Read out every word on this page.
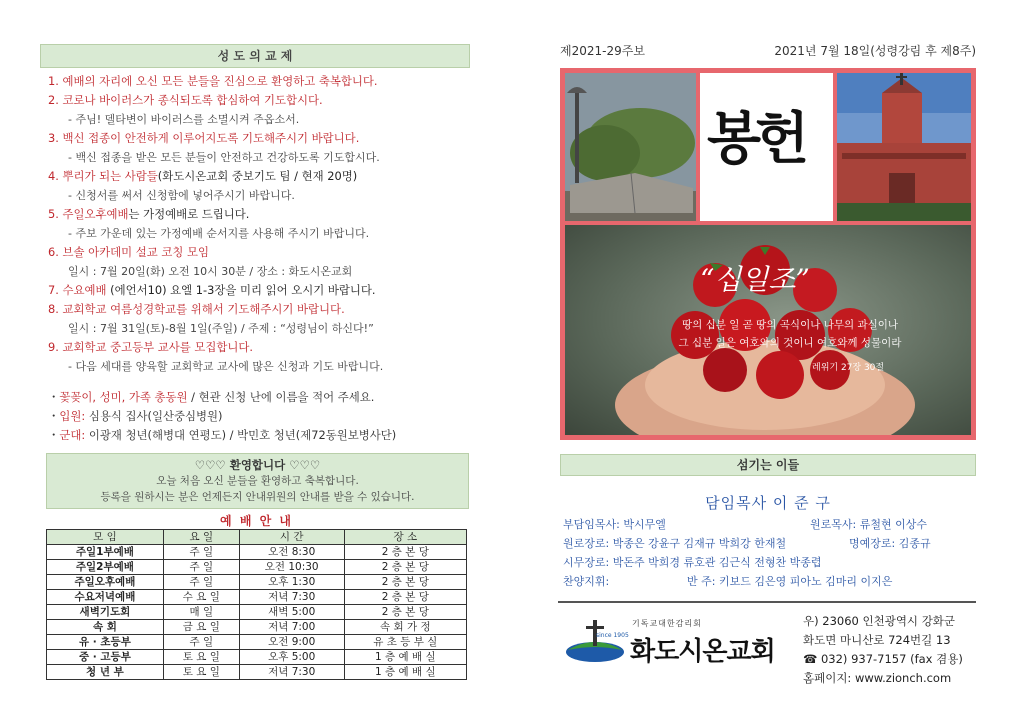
성 도 의 교 제
1. 예배의 자리에 오신 모든 분들을 진심으로 환영하고 축복합니다.
2. 코로나 바이러스가 종식되도록 합심하여 기도합시다.
- 주님! 델타변이 바이러스를 소멸시켜 주옵소서.
3. 백신 접종이 안전하게 이루어지도록 기도해주시기 바랍니다.
- 백신 접종을 받은 모든 분들이 안전하고 건강하도록 기도합시다.
4. 뿌리가 되는 사람들(화도시온교회 중보기도 팀 / 현재 20명)
- 신청서를 써서 신청함에 넣어주시기 바랍니다.
5. 주일오후예배는 가정예배로 드립니다.
- 주보 가운데 있는 가정예배 순서지를 사용해 주시기 바랍니다.
6. 브솔 아카데미 설교 코칭 모임
일시 : 7월 20일(화) 오전 10시 30분 / 장소 : 화도시온교회
7. 수요예배 (에언서10) 요엘 1-3장을 미리 읽어 오시기 바랍니다.
8. 교회학교 여름성경학교를 위해서 기도해주시기 바랍니다.
일시 : 7월 31일(토)-8월 1일(주일) / 주제 : “성령님이 하신다!”
9. 교회학교 중고등부 교사를 모집합니다.
- 다음 세대를 양육할 교회학교 교사에 많은 신청과 기도 바랍니다.
・꽃꽂이, 성미, 가족 총동원 / 현관 신청 난에 이름을 적어 주세요.
・입원: 심용식 집사(일산중심병원)
・군대: 이광재 청년(해병대 연평도) / 박민호 청년(제72동원보병사단)
♡♡♡ 환영합니다 ♡♡♡
오늘 처음 오신 분들을 환영하고 축복합니다.
등록을 원하시는 분은 언제든지 안내위원의 안내를 받을 수 있습니다.
예 배 안 내
모 임	요 일	시 간	장 소
주일1부예배	주 일	오전 8:30	2 층 본 당
주일2부예배	주 일	오전 10:30	2 층 본 당
주일오후예배	주 일	오후 1:30	2 층 본 당
수요저녁예배	수 요 일	저녁 7:30	2 층 본 당
새벽기도회	매 일	새벽 5:00	2 층 본 당
속 회	금 요 일	저녁 7:00	속 회 가 정
유 · 초등부	주 일	오전 9:00	유 초 등 부 실
중 · 고등부	토 요 일	오후 5:00	1 층 예 배 실
청 년 부	토 요 일	저녁 7:30	1 층 예 배 실
제2021-29주보	2021년 7월 18일(성령강림 후 제8주)
봉헌
“십일조”
땅의 십분 일 곧 땅의 곡식이나 나무의 과실이나
그 십분 일은 여호와의 것이니 여호와께 성물이라
레위기 27장 30절
섬기는 이들
담임목사 이 준 구
부담임목사: 박시무엘	원로목사: 류철현 이상수
원로장로: 박종은 강윤구 김재규 박희강 한재철	명예장로: 김종규
시무장로: 박돈주 박희경 류호관 김근식 전형찬 박종렵
찬양지휘:	반 주: 키보드 김은영 피아노 김마리 이지은
기독교대한감리회
화도시온교회
since 1905
우) 23060 인천광역시 강화군
화도면 마니산로 724번길 13
☎ 032) 937-7157 (fax 겸용)
홈페이지: www.zionch.com
